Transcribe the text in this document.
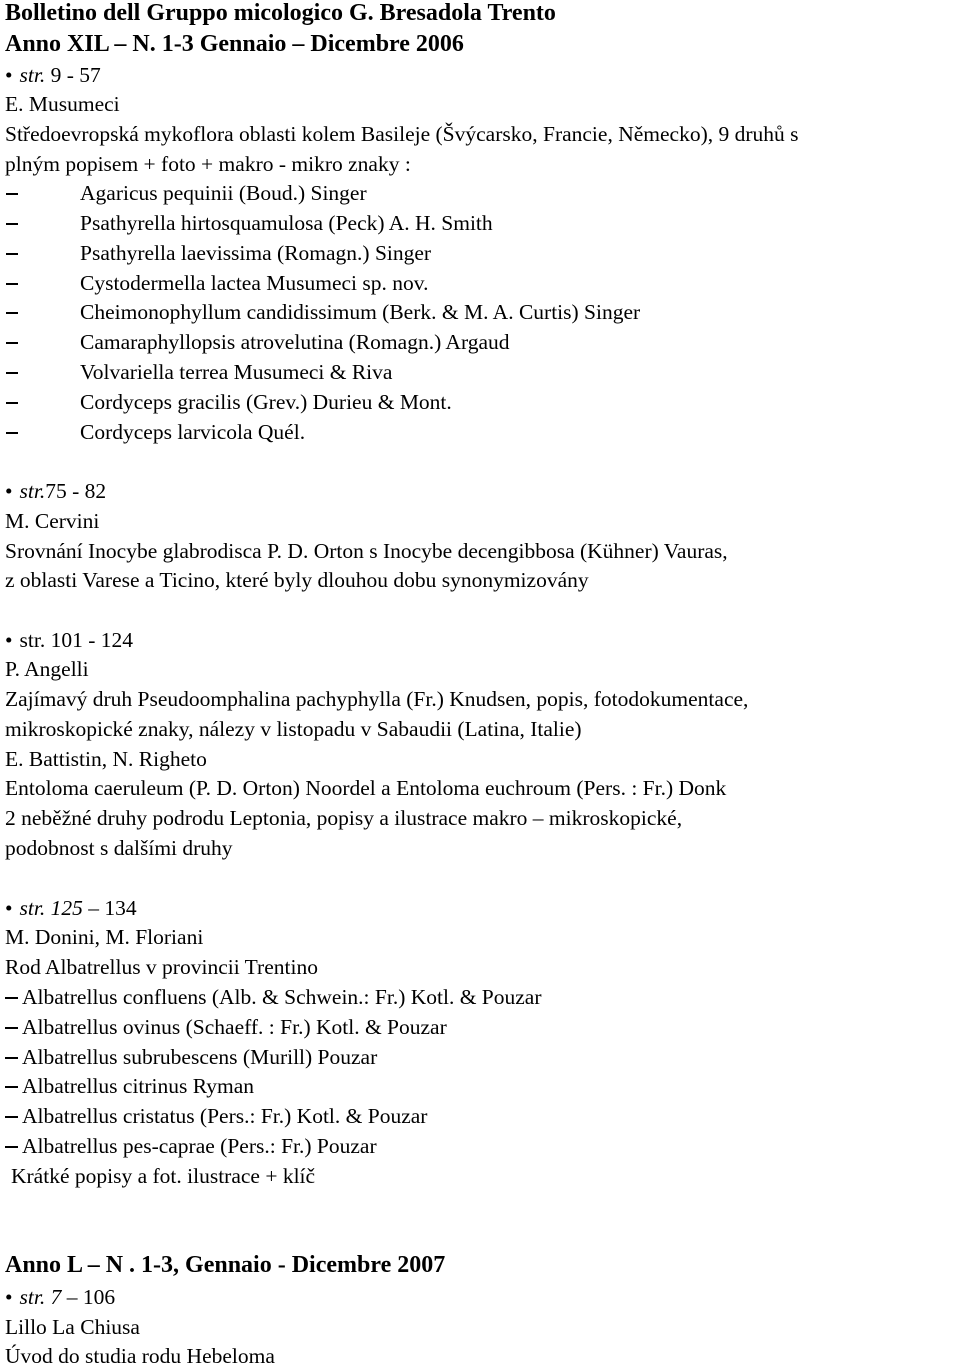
Bolletino dell Gruppo micologico G. Bresadola Trento
Anno XIL – N. 1-3 Gennaio – Dicembre 2006
• str. 9 - 57
E. Musumeci
Středoevropská mykoflora oblasti kolem Basileje (Švýcarsko, Francie, Německo), 9 druhů s
plným popisem + foto + makro - mikro znaky :
Agaricus pequinii (Boud.) Singer
Psathyrella hirtosquamulosa (Peck) A. H. Smith
Psathyrella laevissima (Romagn.) Singer
Cystodermella lactea Musumeci sp. nov.
Cheimonophyllum candidissimum (Berk. & M. A. Curtis) Singer
Camaraphyllopsis atrovelutina (Romagn.) Argaud
Volvariella terrea Musumeci & Riva
Cordyceps gracilis (Grev.) Durieu & Mont.
Cordyceps larvicola Quél.
• str.75 - 82
M. Cervini
Srovnání Inocybe glabrodisca P. D. Orton s Inocybe decengibbosa (Kühner) Vauras,
z oblasti Varese a Ticino, které byly dlouhou dobu synonymizovány
• str. 101 - 124
P. Angelli
Zajímavý druh Pseudoomphalina pachyphylla (Fr.) Knudsen, popis, fotodokumentace,
mikroskopické znaky, nálezy v listopadu v Sabaudii (Latina, Italie)
E. Battistin, N. Righeto
Entoloma caeruleum (P. D. Orton) Noordel a Entoloma euchroum (Pers. : Fr.) Donk
2 neběžné druhy podrodu Leptonia, popisy a ilustrace makro – mikroskopické,
podobnost s dalšími druhy
• str. 125 – 134
M. Donini, M. Floriani
Rod Albatrellus v provincii Trentino
Albatrellus confluens (Alb. & Schwein.: Fr.) Kotl. & Pouzar
Albatrellus ovinus (Schaeff. : Fr.) Kotl. & Pouzar
Albatrellus subrubescens (Murill) Pouzar
Albatrellus citrinus Ryman
Albatrellus cristatus (Pers.: Fr.) Kotl. & Pouzar
Albatrellus pes-caprae (Pers.: Fr.) Pouzar
Krátké popisy a fot. ilustrace + klíč
Anno L – N . 1-3, Gennaio - Dicembre 2007
• str. 7 – 106
Lillo La Chiusa
Úvod do studia rodu Hebeloma
